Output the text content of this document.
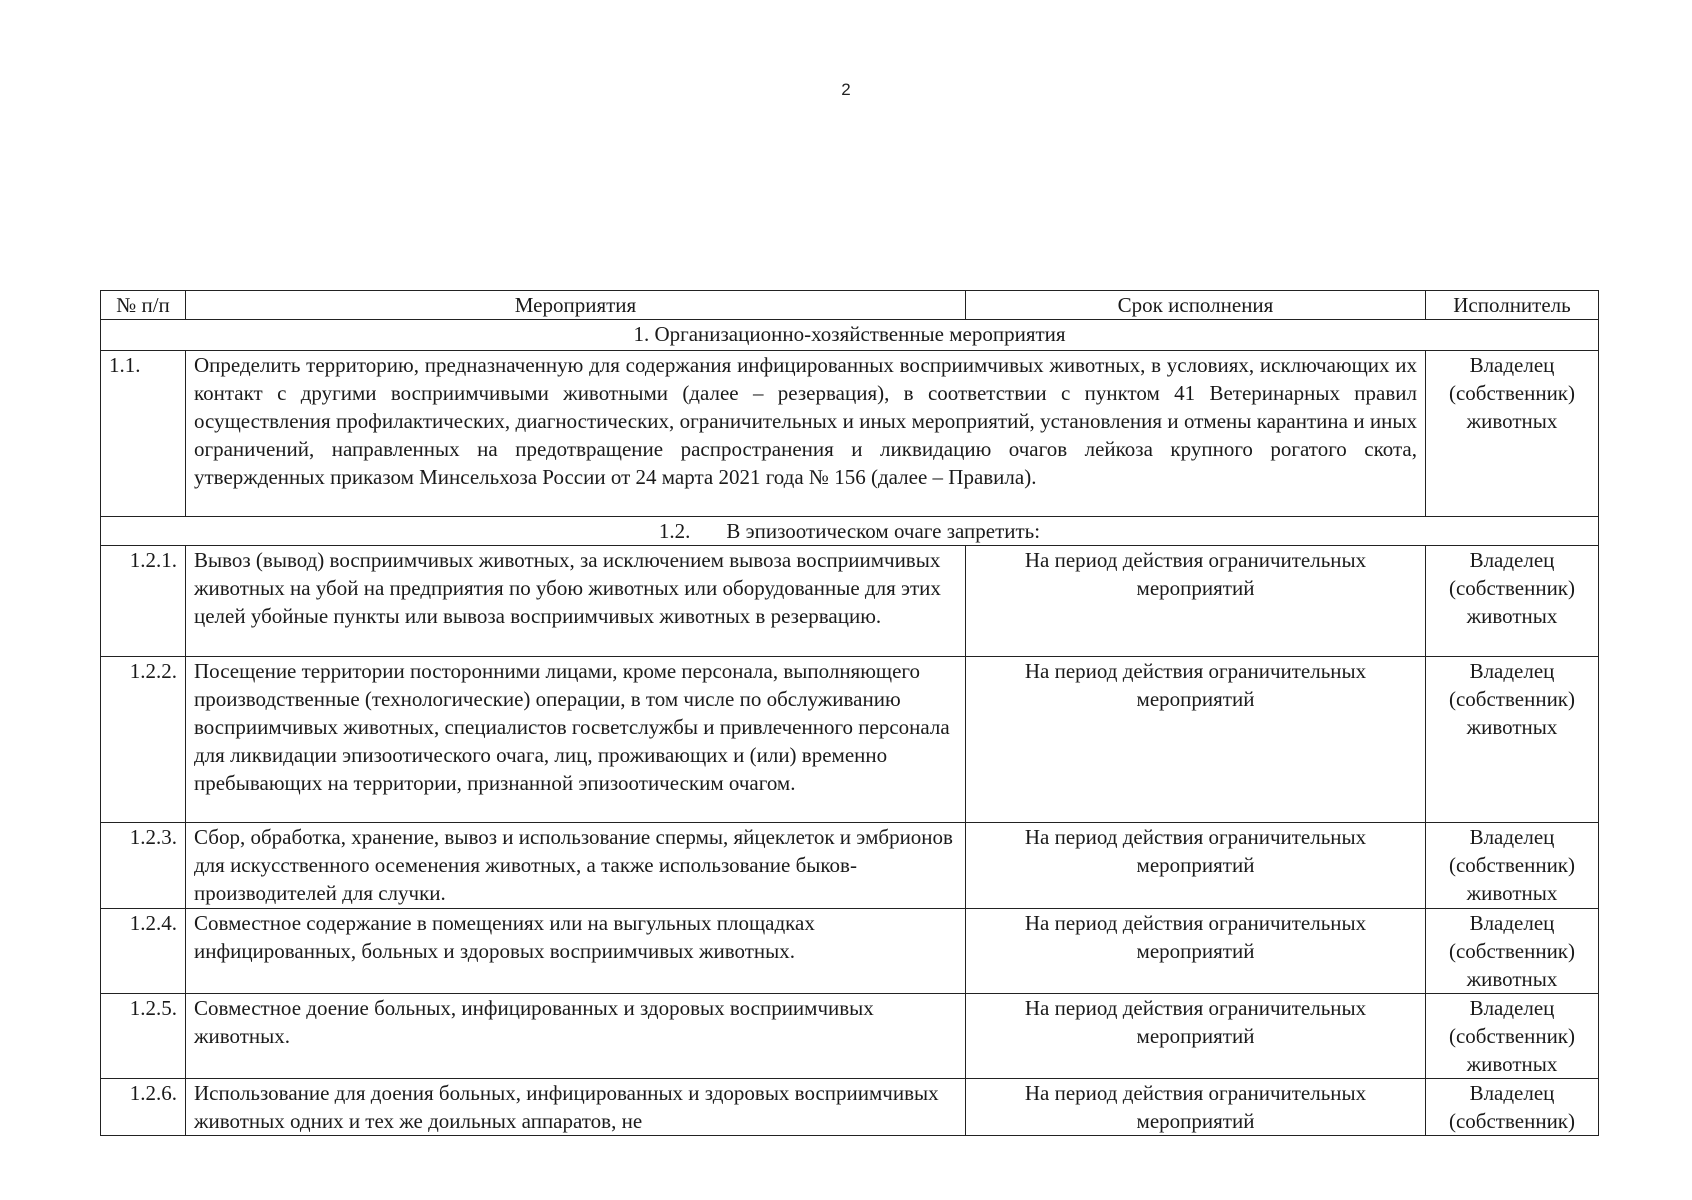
2
№ п/п	Мероприятия	Срок исполнения	Исполнитель
1. Организационно-хозяйственные мероприятия			
1.1.	Определить территорию, предназначенную для содержания инфицированных восприимчивых животных, в условиях, исключающих их контакт с другими восприимчивыми животными (далее – резервация), в соответствии с пунктом 41 Ветеринарных правил осуществления профилактических, диагностических, ограничительных и иных мероприятий, установления и отмены карантина и иных ограничений, направленных на предотвращение распространения и ликвидацию очагов лейкоза крупного рогатого скота, утвержденных приказом Минсельхоза России от 24 марта 2021 года № 156 (далее – Правила).		Владелец (собственник) животных
1.2. В эпизоотическом очаге запретить:			
1.2.1.	Вывоз (вывод) восприимчивых животных, за исключением вывоза восприимчивых животных на убой на предприятия по убою животных или оборудованные для этих целей убойные пункты или вывоза восприимчивых животных в резервацию.	На период действия ограничительных мероприятий	Владелец (собственник) животных
1.2.2.	Посещение территории посторонними лицами, кроме персонала, выполняющего производственные (технологические) операции, в том числе по обслуживанию восприимчивых животных, специалистов госветслужбы и привлеченного персонала для ликвидации эпизоотического очага, лиц, проживающих и (или) временно пребывающих на территории, признанной эпизоотическим очагом.	На период действия ограничительных мероприятий	Владелец (собственник) животных
1.2.3.	Сбор, обработка, хранение, вывоз и использование спермы, яйцеклеток и эмбрионов для искусственного осеменения животных, а также использование быков-производителей для случки.	На период действия ограничительных мероприятий	Владелец (собственник) животных
1.2.4.	Совместное содержание в помещениях или на выгульных площадках инфицированных, больных и здоровых восприимчивых животных.	На период действия ограничительных мероприятий	Владелец (собственник) животных
1.2.5.	Совместное доение больных, инфицированных и здоровых восприимчивых животных.	На период действия ограничительных мероприятий	Владелец (собственник) животных
1.2.6.	Использование для доения больных, инфицированных и здоровых восприимчивых животных одних и тех же доильных аппаратов, не	На период действия ограничительных мероприятий	Владелец (собственник)
